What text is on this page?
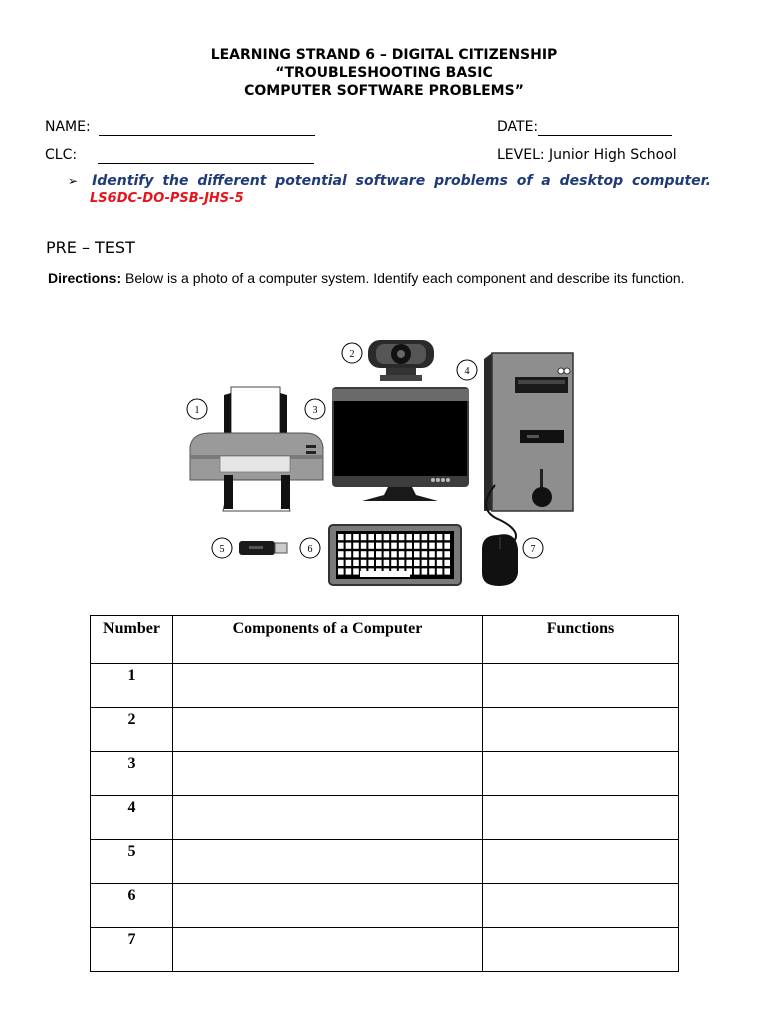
LEARNING STRAND 6 – DIGITAL CITIZENSHIP
“TROUBLESHOOTING BASIC
COMPUTER SOFTWARE PROBLEMS”
NAME:	DATE:
CLC:	LEVEL: Junior High School
➢ Identify the different potential software problems of a desktop computer.
LS6DC-DO-PSB-JHS-5
PRE – TEST
Directions: Below is a photo of a computer system. Identify each component and describe its function.
1
2
3
4
5	6	7
Number	Components of a Computer	Functions
1		
2		
3		
4		
5		
6		
7		
